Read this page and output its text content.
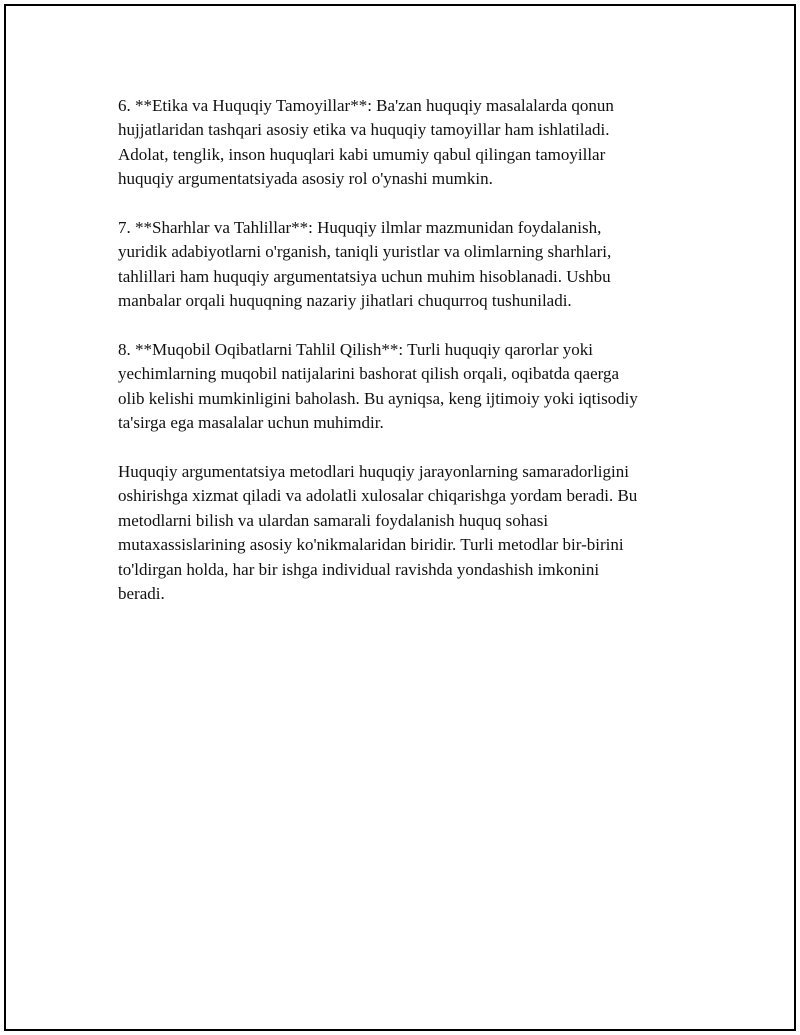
6. **Etika va Huquqiy Tamoyillar**: Ba'zan huquqiy masalalarda qonun
hujjatlaridan tashqari asosiy etika va huquqiy tamoyillar ham ishlatiladi.
Adolat, tenglik, inson huquqlari kabi umumiy qabul qilingan tamoyillar
huquqiy argumentatsiyada asosiy rol o'ynashi mumkin.

7. **Sharhlar va Tahlillar**: Huquqiy ilmlar mazmunidan foydalanish,
yuridik adabiyotlarni o'rganish, taniqli yuristlar va olimlarning sharhlari,
tahlillari ham huquqiy argumentatsiya uchun muhim hisoblanadi. Ushbu
manbalar orqali huquqning nazariy jihatlari chuqurroq tushuniladi.

8. **Muqobil Oqibatlarni Tahlil Qilish**: Turli huquqiy qarorlar yoki
yechimlarning muqobil natijalarini bashorat qilish orqali, oqibatda qaerga
olib kelishi mumkinligini baholash. Bu ayniqsa, keng ijtimoiy yoki iqtisodiy
ta'sirga ega masalalar uchun muhimdir.

Huquqiy argumentatsiya metodlari huquqiy jarayonlarning samaradorligini
oshirishga xizmat qiladi va adolatli xulosalar chiqarishga yordam beradi. Bu
metodlarni bilish va ulardan samarali foydalanish huquq sohasi
mutaxassislarining asosiy ko'nikmalaridan biridir. Turli metodlar bir-birini
to'ldirgan holda, har bir ishga individual ravishda yondashish imkonini
beradi.
